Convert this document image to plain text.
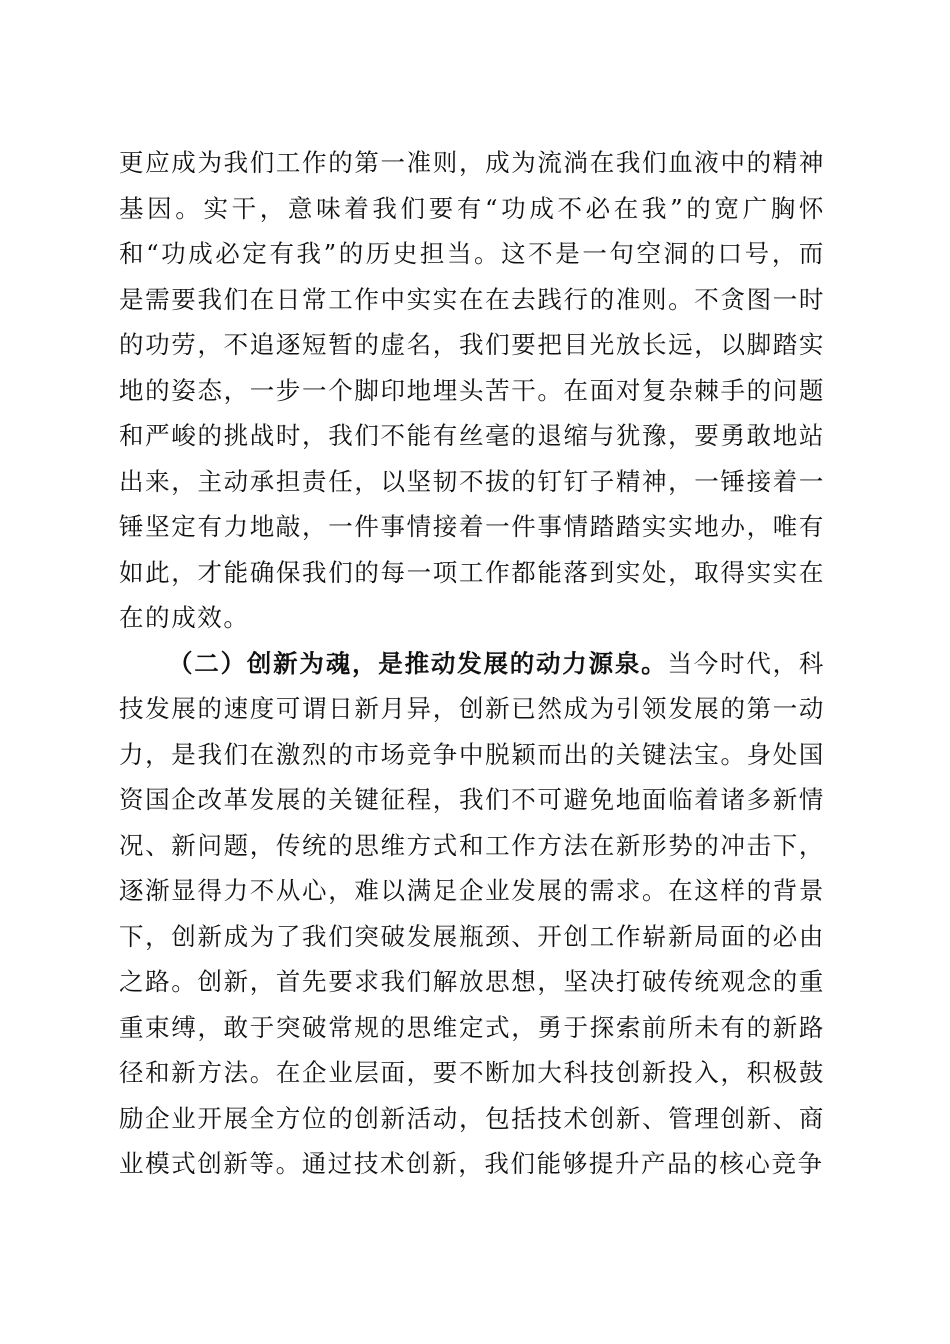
更应成为我们工作的第一准则，成为流淌在我们血液中的精神基因。实干，意味着我们要有“功成不必在我”的宽广胸怀和“功成必定有我”的历史担当。这不是一句空洞的口号，而是需要我们在日常工作中实实在在去践行的准则。不贪图一时的功劳，不追逐短暂的虚名，我们要把目光放长远，以脚踏实地的姿态，一步一个脚印地埋头苦干。在面对复杂棘手的问题和严峻的挑战时，我们不能有丝毫的退缩与犹豫，要勇敢地站出来，主动承担责任，以坚韧不拔的钉钉子精神，一锤接着一锤坚定有力地敲，一件事情接着一件事情踏踏实实地办，唯有如此，才能确保我们的每一项工作都能落到实处，取得实实在在的成效。

（二）创新为魂，是推动发展的动力源泉。当今时代，科技发展的速度可谓日新月异，创新已然成为引领发展的第一动力，是我们在激烈的市场竞争中脱颖而出的关键法宝。身处国资国企改革发展的关键征程，我们不可避免地面临着诸多新情况、新问题，传统的思维方式和工作方法在新形势的冲击下，逐渐显得力不从心，难以满足企业发展的需求。在这样的背景下，创新成为了我们突破发展瓶颈、开创工作崭新局面的必由之路。创新，首先要求我们解放思想，坚决打破传统观念的重重束缚，敢于突破常规的思维定式，勇于探索前所未有的新路径和新方法。在企业层面，要不断加大科技创新投入，积极鼓励企业开展全方位的创新活动，包括技术创新、管理创新、商业模式创新等。通过技术创新，我们能够提升产品的核心竞争
